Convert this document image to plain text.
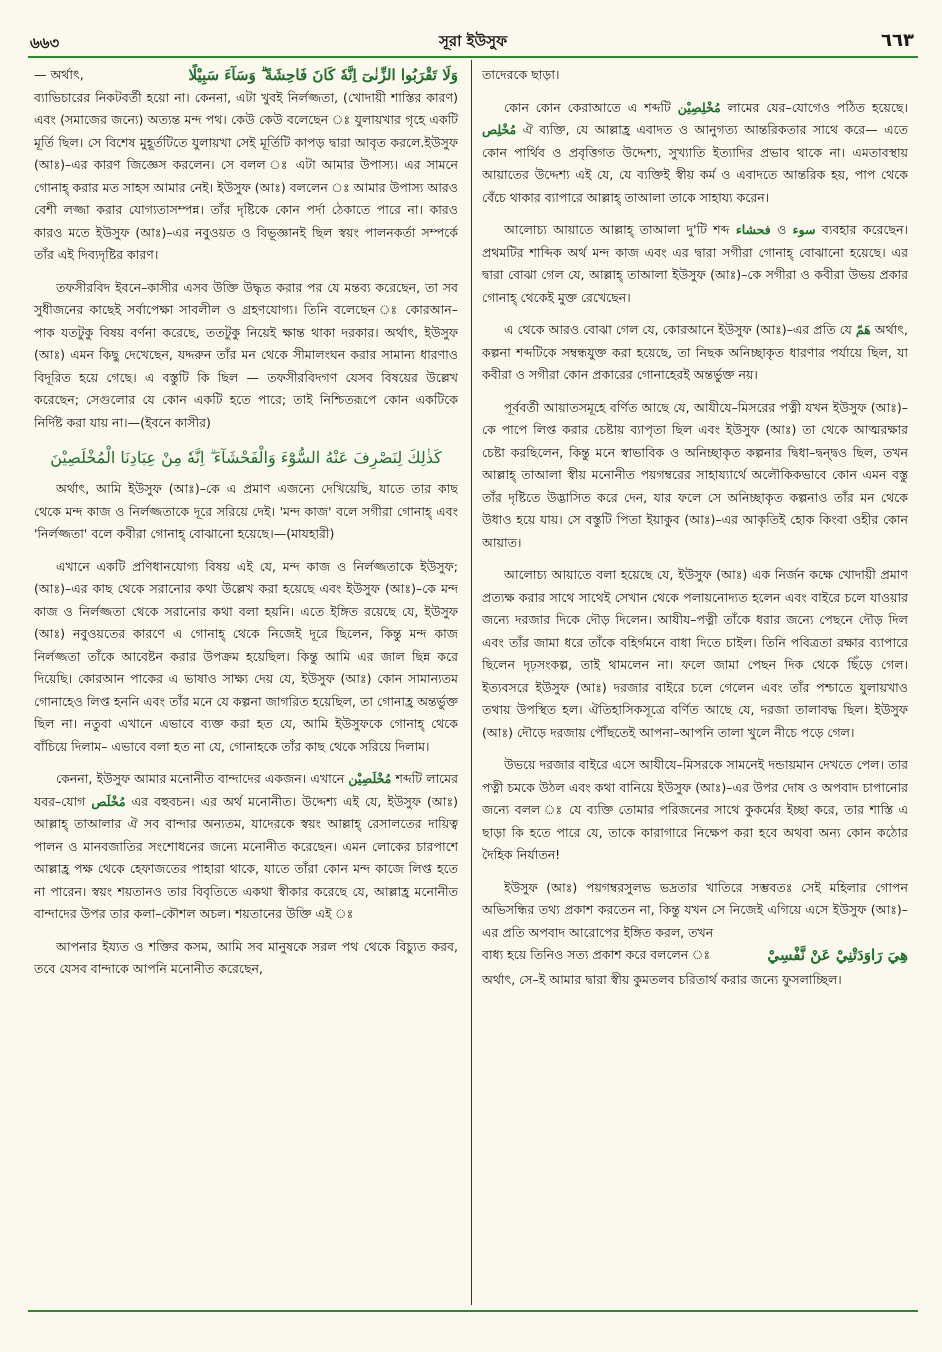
৬৬৩	সূরা ইউসুফ	٦٦٣
— অর্থাৎ,	وَلَا تَقْرَبُوا الزِّنٰىٓ اِنَّهٗ كَانَ فَاحِشَةً ۗ وَسَآءَ سَبِيْلًا

ব্যাভিচারের নিকটবর্তী হয়ো না। কেননা, এটা খুবই নির্লজ্জতা, (খোদায়ী শাস্তির কারণ) এবং (সমাজের জন্যে) অত্যন্ত মন্দ পথ। কেউ কেউ বলেছেন ঃ যুলায়খার গৃহে একটি মূর্তি ছিল। সে বিশেষ মুহূর্তটিতে যুলায়খা সেই মূর্তিটি কাপড় দ্বারা আবৃত করলে.ইউসুফ (আঃ)–এর কারণ জিজ্ঞেস করলেন। সে বলল ঃ এটা আমার উপাস্য। এর সামনে গোনাহ্ করার মত সাহস আমার নেই। ইউসুফ (আঃ) বললেন ঃ আমার উপাস্য আরও বেশী লজ্জা করার যোগ্যতাসম্পন্ন। তাঁর দৃষ্টিকে কোন পর্দা ঠেকাতে পারে না। কারও কারও মতে ইউসুফ (আঃ)–এর নবুওয়ত ও বিভূজ্ঞানই ছিল স্বয়ং পালনকর্তা সম্পর্কে তাঁর এই দিব্যদৃষ্টির কারণ।

তফসীরবিদ ইবনে–কাসীর এসব উক্তি উদ্ধৃত করার পর যে মন্তব্য করেছেন, তা সব সুধীজনের কাছেই সর্বাপেক্ষা সাবলীল ও গ্রহণযোগ্য। তিনি বলেছেন ঃ কোরআন–পাক যতটুকু বিষয় বর্ণনা করেছে, ততটুকু নিয়েই ক্ষান্ত থাকা দরকার। অর্থাৎ, ইউসুফ (আঃ) এমন কিছু দেখেছেন, যদ্দরুন তাঁর মন থেকে সীমালংঘন করার সামান্য ধারণাও বিদূরিত হয়ে গেছে। এ বস্তুটি কি ছিল — তফসীরবিদগণ যেসব বিষয়ের উল্লেখ করেছেন; সেগুলোর যে কোন একটি হতে পারে; তাই নিশ্চিতরূপে কোন একটিকে নির্দিষ্ট করা যায় না।—(ইবনে কাসীর)

كَذٰلِكَ لِنَصْرِفَ عَنْهُ السُّوْٓءَ وَالْفَحْشَآءَ ۗ اِنَّهٗ مِنْ عِبَادِنَا الْمُخْلَصِيْنَ

অর্থাৎ, আমি ইউসুফ (আঃ)–কে এ প্রমাণ এজন্যে দেখিয়েছি, যাতে তার কাছ থেকে মন্দ কাজ ও নির্লজ্জতাকে দূরে সরিয়ে দেই। 'মন্দ কাজ' বলে সগীরা গোনাহ্ এবং 'নির্লজ্জতা' বলে কবীরা গোনাহ্ বোঝানো হয়েছে।—(মাযহারী)

এখানে একটি প্রণিধানযোগ্য বিষয় এই যে, মন্দ কাজ ও নির্লজ্জতাকে ইউসুফ; (আঃ)–এর কাছ থেকে সরানোর কথা উল্লেখ করা হয়েছে এবং ইউসুফ (আঃ)–কে মন্দ কাজ ও নির্লজ্জতা থেকে সরানোর কথা বলা হয়নি। এতে ইঙ্গিত রয়েছে যে, ইউসুফ (আঃ) নবুওয়তের কারণে এ গোনাহ্ থেকে নিজেই দূরে ছিলেন, কিন্তু মন্দ কাজ নির্লজ্জতা তাঁকে আবেষ্টন করার উপক্রম হয়েছিল। কিন্তু আমি এর জাল ছিন্ন করে দিয়েছি। কোরআন পাকের এ ভাষাও সাক্ষ্য দেয় যে, ইউসুফ (আঃ) কোন সামান্যতম গোনাহেও লিপ্ত হননি এবং তাঁর মনে যে কল্পনা জাগরিত হয়েছিল, তা গোনাহ্র অন্তর্ভুক্ত ছিল না। নতুবা এখানে এভাবে ব্যক্ত করা হত যে, আমি ইউসুফকে গোনাহ্ থেকে বাঁচিয়ে দিলাম– এভাবে বলা হত না যে, গোনাহকে তাঁর কাছ থেকে সরিয়ে দিলাম।

কেননা, ইউসুফ আমার মনোনীত বান্দাদের একজন। এখানে مُخْلَصِيْن শব্দটি লামের যবর–যোগ مُخْلَص এর বহুবচন। এর অর্থ মনোনীত। উদ্দেশ্য এই যে, ইউসুফ (আঃ) আল্লাহ্ তাআলার ঐ সব বান্দার অন্যতম, যাদেরকে স্বয়ং আল্লাহ্ রেসালতের দায়িত্ব পালন ও মানবজাতির সংশোধনের জন্যে মনোনীত করেছেন। এমন লোকের চারপাশে আল্লাহ্র পক্ষ থেকে হেফাজতের পাহারা থাকে, যাতে তাঁরা কোন মন্দ কাজে লিপ্ত হতে না পারেন। স্বয়ং শয়তানও তার বিবৃতিতে একথা স্বীকার করেছে যে, আল্লাহ্র মনোনীত বান্দাদের উপর তার কলা–কৌশল অচল। শয়তানের উক্তি এই ঃ

আপনার ইয্যত ও শক্তির কসম, আমি সব মানুষকে সরল পথ থেকে বিচ্যুত করব, তবে যেসব বান্দাকে আপনি মনোনীত করেছেন,

তাদেরকে ছাড়া।

কোন কোন কেরাআতে এ শব্দটি مُخْلِصِيْن লামের যের–যোগেও পঠিত হয়েছে। مُخْلِص ঐ ব্যক্তি, যে আল্লাহ্র এবাদত ও আনুগত্য আন্তরিকতার সাথে করে— এতে কোন পার্থিব ও প্রবৃত্তিগত উদ্দেশ্য, সুখ্যাতি ইত্যাদির প্রভাব থাকে না। এমতাবস্থায় আয়াতের উদ্দেশ্য এই যে, যে ব্যক্তিই স্বীয় কর্ম ও এবাদতে আন্তরিক হয়, পাপ থেকে বেঁচে থাকার ব্যাপারে আল্লাহ্ তাআলা তাকে সাহায্য করেন।

আলোচ্য আয়াতে আল্লাহ্ তাআলা দু'টি শব্দ فحشاء ও سوء ব্যবহার করেছেন। প্রথমটির শাব্দিক অর্থ মন্দ কাজ এবং এর দ্বারা সগীরা গোনাহ্ বোঝানো হয়েছে। এর দ্বারা বোঝা গেল যে, আল্লাহ্ তাআলা ইউসুফ (আঃ)–কে সগীরা ও কবীরা উভয় প্রকার গোনাহ্ থেকেই মুক্ত রেখেছেন।

এ থেকে আরও বোঝা গেল যে, কোরআনে ইউসুফ (আঃ)–এর প্রতি যে هَمّ অর্থাৎ, কল্পনা শব্দটিকে সম্বন্ধযুক্ত করা হয়েছে, তা নিছক অনিচ্ছাকৃত ধারণার পর্যায়ে ছিল, যা কবীরা ও সগীরা কোন প্রকারের গোনাহেরই অন্তর্ভুক্ত নয়।

পূর্ববর্তী আয়াতসমূহে বর্ণিত আছে যে, আযীযে–মিসরের পত্নী যখন ইউসুফ (আঃ)–কে পাপে লিপ্ত করার চেষ্টায় ব্যাপৃতা ছিল এবং ইউসুফ (আঃ) তা থেকে আত্মরক্ষার চেষ্টা করছিলেন, কিন্তু মনে স্বাভাবিক ও অনিচ্ছাকৃত কল্পনার দ্বিধা–দ্বন্দ্বও ছিল, তখন আল্লাহ্ তাআলা স্বীয় মনোনীত পয়গম্বরের সাহায্যার্থে অলৌকিকভাবে কোন এমন বস্তু তাঁর দৃষ্টিতে উদ্ভাসিত করে দেন, যার ফলে সে অনিচ্ছাকৃত কল্পনাও তাঁর মন থেকে উধাও হয়ে যায়। সে বস্তুটি পিতা ইয়াকুব (আঃ)–এর আকৃতিই হোক কিংবা ওহীর কোন আয়াত।

আলোচ্য আয়াতে বলা হয়েছে যে, ইউসুফ (আঃ) এক নির্জন কক্ষে খোদায়ী প্রমাণ প্রত্যক্ষ করার সাথে সাথেই সেখান থেকে পলায়নোদ্যত হলেন এবং বাইরে চলে যাওয়ার জন্যে দরজার দিকে দৌড় দিলেন। আযীয–পত্নী তাঁকে ধরার জন্যে পেছনে দৌড় দিল এবং তাঁর জামা ধরে তাঁকে বহির্গমনে বাধা দিতে চাইল। তিনি পবিত্রতা রক্ষার ব্যাপারে ছিলেন দৃঢ়সংকল্প, তাই থামলেন না। ফলে জামা পেছন দিক থেকে ছিঁড়ে গেল। ইত্যবসরে ইউসুফ (আঃ) দরজার বাইরে চলে গেলেন এবং তাঁর পশ্চাতে যুলায়খাও তথায় উপস্থিত হল। ঐতিহাসিকসূত্রে বর্ণিত আছে যে, দরজা তালাবদ্ধ ছিল। ইউসুফ (আঃ) দৌড়ে দরজায় পৌঁছতেই আপনা–আপনি তালা খুলে নীচে পড়ে গেল।

উভয়ে দরজার বাইরে এসে আযীযে–মিসরকে সামনেই দন্ডায়মান দেখতে পেল। তার পত্নী চমকে উঠল এবং কথা বানিয়ে ইউসুফ (আঃ)–এর উপর দোষ ও অপবাদ চাপানোর জন্যে বলল ঃ যে ব্যক্তি তোমার পরিজনের সাথে কুকর্মের ইচ্ছা করে, তার শাস্তি এ ছাড়া কি হতে পারে যে, তাকে কারাগারে নিক্ষেপ করা হবে অথবা অন্য কোন কঠোর দৈহিক নির্যাতন!

ইউসুফ (আঃ) পয়গম্বরসুলভ ভদ্রতার খাতিরে সম্ভবতঃ সেই মহিলার গোপন অভিসন্ধির তথ্য প্রকাশ করতেন না, কিন্তু যখন সে নিজেই এগিয়ে এসে ইউসুফ (আঃ)–এর প্রতি অপবাদ আরোপের ইঙ্গিত করল, তখন

বাধ্য হয়ে তিনিও সত্য প্রকাশ করে বললেন ঃ	هِيَ رَاوَدَتْنِيْ عَنْ نَّفْسِيْ

অর্থাৎ, সে–ই আমার দ্বারা স্বীয় কুমতলব চরিতার্থ করার জন্যে ফুসলাচ্ছিল।
